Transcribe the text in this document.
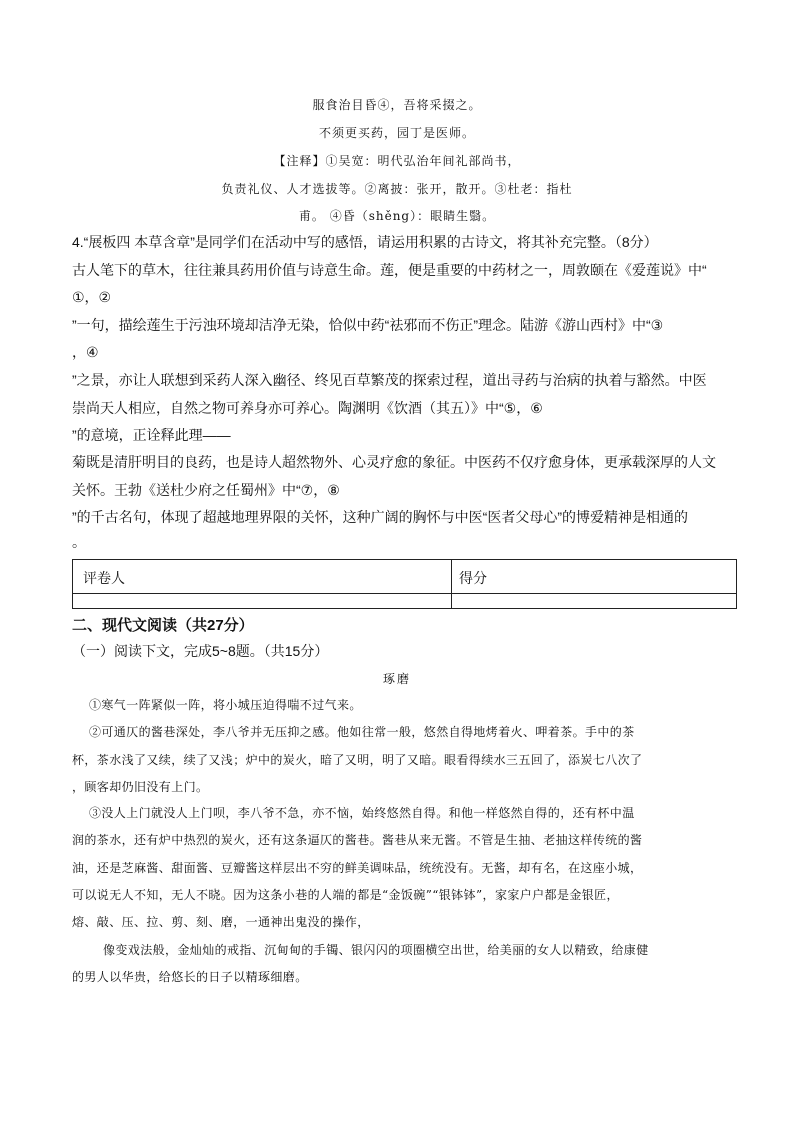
服食治目昏④，吾将采掇之。
不须更买药，园丁是医师。
【注释】①吴宽：明代弘治年间礼部尚书，
负责礼仪、人才选拔等。②离披：张开，散开。③杜老：指杜
甫。 ④昏（shěng）：眼睛生翳。
4.“展板四 本草含章”是同学们在活动中写的感悟，请运用积累的古诗文，将其补充完整。（8分）
古人笔下的草木，往往兼具药用价值与诗意生命。莲，便是重要的中药材之一，周敦颐在《爱莲说》中“
①，②
”一句，描绘莲生于污浊环境却洁净无染，恰似中药“祛邪而不伤正”理念。陆游《游山西村》中“③
，④
”之景，亦让人联想到采药人深入幽径、终见百草繁茂的探索过程，道出寻药与治病的执着与豁然。中医
崇尚天人相应，自然之物可养身亦可养心。陶渊明《饮酒（其五）》中“⑤，⑥
”的意境，正诠释此理——
菊既是清肝明目的良药，也是诗人超然物外、心灵疗愈的象征。中医药不仅疗愈身体，更承载深厚的人文
关怀。王勃《送杜少府之任蜀州》中“⑦，⑧
”的千古名句，体现了超越地理界限的关怀，这种广阔的胸怀与中医“医者父母心”的博爱精神是相通的
。
评卷人	得分
二、现代文阅读（共27分）
（一）阅读下文，完成5~8题。（共15分）
琢磨
①寒气一阵紧似一阵，将小城压迫得喘不过气来。
②可通仄的酱巷深处，李八爷并无压抑之感。他如往常一般，悠然自得地烤着火、呷着茶。手中的茶
杯，茶水浅了又续，续了又浅；炉中的炭火，暗了又明，明了又暗。眼看得续水三五回了，添炭七八次了
，顾客却仍旧没有上门。
③没人上门就没人上门呗，李八爷不急，亦不恼，始终悠然自得。和他一样悠然自得的，还有杯中温
润的茶水，还有炉中热烈的炭火，还有这条逼仄的酱巷。酱巷从来无酱。不管是生抽、老抽这样传统的酱
油，还是芝麻酱、甜面酱、豆瓣酱这样层出不穷的鲜美调味品，统统没有。无酱，却有名，在这座小城，
可以说无人不知，无人不晓。因为这条小巷的人端的都是“金饭碗”“银钵钵”，家家户户都是金银匠，
熔、敲、压、拉、剪、刻、磨，一通神出鬼没的操作，
像变戏法般，金灿灿的戒指、沉甸甸的手镯、银闪闪的项圈横空出世，给美丽的女人以精致，给康健
的男人以华贵，给悠长的日子以精琢细磨。
